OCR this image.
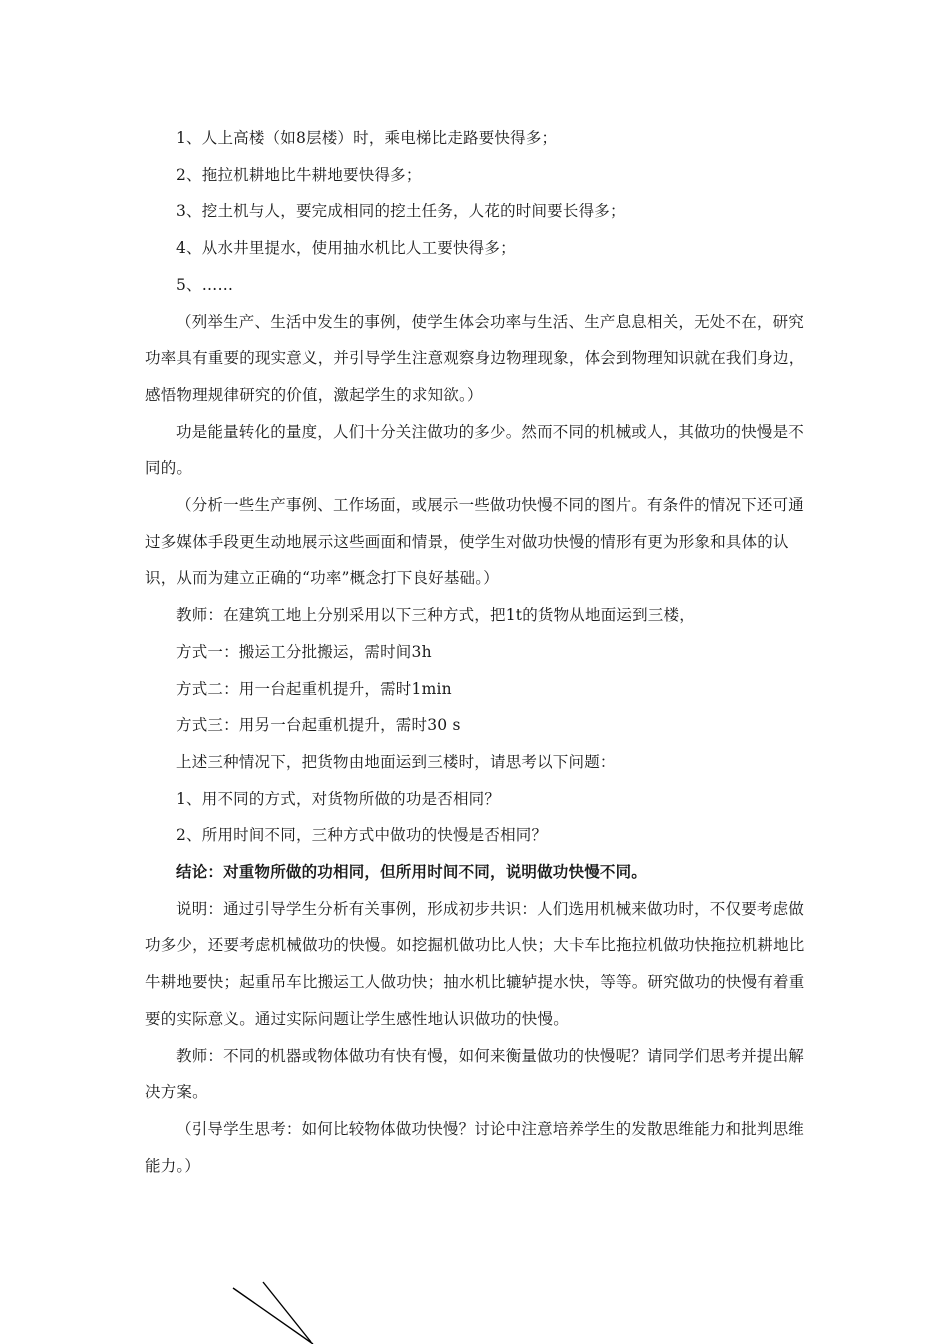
1、人上高楼（如8层楼）时，乘电梯比走路要快得多；

2、拖拉机耕地比牛耕地要快得多；

3、挖土机与人，要完成相同的挖土任务，人花的时间要长得多；

4、从水井里提水，使用抽水机比人工要快得多；

5、……

（列举生产、生活中发生的事例，使学生体会功率与生活、生产息息相关，无处不在，研究功率具有重要的现实意义，并引导学生注意观察身边物理现象，体会到物理知识就在我们身边，感悟物理规律研究的价值，激起学生的求知欲。）

功是能量转化的量度，人们十分关注做功的多少。然而不同的机械或人，其做功的快慢是不同的。

（分析一些生产事例、工作场面，或展示一些做功快慢不同的图片。有条件的情况下还可通过多媒体手段更生动地展示这些画面和情景，使学生对做功快慢的情形有更为形象和具体的认识，从而为建立正确的“功率”概念打下良好基础。）

教师：在建筑工地上分别采用以下三种方式，把1t的货物从地面运到三楼，

方式一：搬运工分批搬运，需时间3h

方式二：用一台起重机提升，需时1min

方式三：用另一台起重机提升，需时30 s

上述三种情况下，把货物由地面运到三楼时，请思考以下问题：

1、用不同的方式，对货物所做的功是否相同？

2、所用时间不同，三种方式中做功的快慢是否相同？

结论：对重物所做的功相同，但所用时间不同，说明做功快慢不同。

说明：通过引导学生分析有关事例，形成初步共识：人们选用机械来做功时，不仅要考虑做功多少，还要考虑机械做功的快慢。如挖掘机做功比人快；大卡车比拖拉机做功快拖拉机耕地比牛耕地要快；起重吊车比搬运工人做功快；抽水机比辘轳提水快，等等。研究做功的快慢有着重要的实际意义。通过实际问题让学生感性地认识做功的快慢。

教师：不同的机器或物体做功有快有慢，如何来衡量做功的快慢呢？请同学们思考并提出解决方案。

（引导学生思考：如何比较物体做功快慢？讨论中注意培养学生的发散思维能力和批判思维能力。）
